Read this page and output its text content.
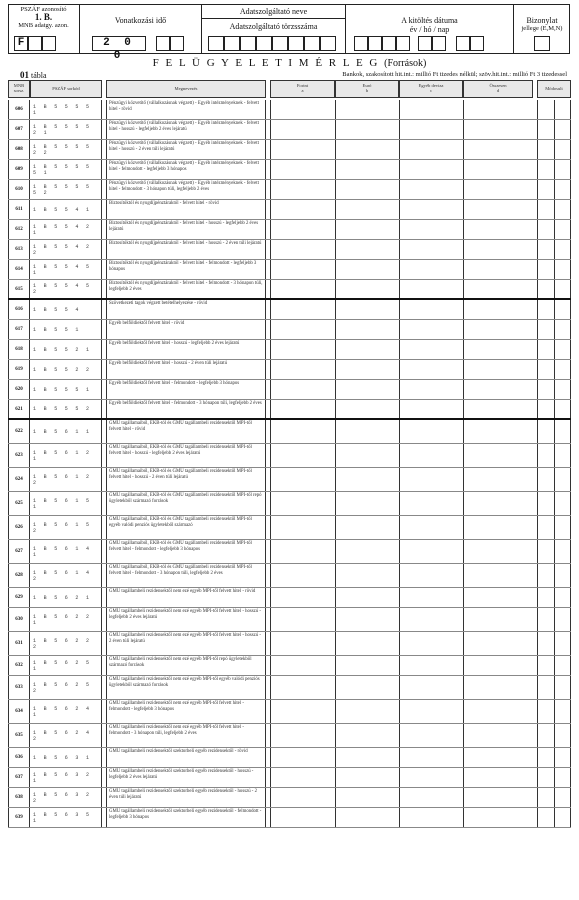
PSZÁF azonosító
1. B.
MNB adatgy. azon.
F
Vonatkozási idő
2 0 0
Adatszolgáltató neve
Adatszolgáltató törzsszáma
A kitöltés dátuma
év / hó / nap
Bizonylat
jellege (E,M,N)
F E L Ü G Y E L E T I M É R L E G (Források)
01 tábla	Bankok, szakosított hit.int.: millió Ft tizedes nélkül; szöv.hit.int.: millió Ft 3 tizedessel
MNB sorsz.	PSZÁF sorkód	Megnevezés
Forint
a
Euró
b
Egyéb deviza
c
Összesen
d	Módosult
606	1 B 5 5 5 5 1
Pénzügyi közvetítő (vállalkozásnak végzett) - Egyéb intézményeknek - felvett hitel - rövid
607	1 B 5 5 5 5 2 1
Pénzügyi közvetítő (vállalkozásnak végzett) - Egyéb intézményeknek - felvett hitel - hosszú - legfeljebb 2 éves lejáratú
608	1 B 5 5 5 5 2 2
Pénzügyi közvetítő (vállalkozásnak végzett) - Egyéb intézményeknek - felvett hitel - hosszú - 2 éven túli lejáratú
609	1 B 5 5 5 5 5 1
Pénzügyi közvetítő (vállalkozásnak végzett) - Egyéb intézményeknek - felvett hitel - felmondott - legfeljebb 3 hónapos
610	1 B 5 5 5 5 5 2
Pénzügyi közvetítő (vállalkozásnak végzett) - Egyéb intézményeknek - felvett hitel - felmondott - 3 hónapon túli, legfeljebb 2 éves
611	1 B 5 5 4 1
Biztosítóktól és nyugdíjpénztáraktól - felvett hitel - rövid
612	1 B 5 5 4 2 1
Biztosítóktól és nyugdíjpénztáraktól - felvett hitel - hosszú - legfeljebb 2 éves lejáratú
613	1 B 5 5 4 2 2
Biztosítóktól és nyugdíjpénztáraktól - felvett hitel - hosszú - 2 éven túli lejáratú
614	1 B 5 5 4 5 1
Biztosítóktól és nyugdíjpénztáraktól - felvett hitel - felmondott - legfeljebb 3 hónapos
615	1 B 5 5 4 5 2
Biztosítóktól és nyugdíjpénztáraktól - felvett hitel - felmondott - 3 hónapon túli, legfeljebb 2 éves
616	1 B 5 5 4
Szövetkezeti tagok végzett betételhelyezése - rövid
617	1 B 5 5 1
Egyéb belföldiektől felvett hitel - rövid
618	1 B 5 5 2 1
Egyéb belföldiektől felvett hitel - hosszú - legfeljebb 2 éves lejáratú
619	1 B 5 5 2 2
Egyéb belföldiektől felvett hitel - hosszú - 2 éven túli lejáratú
620	1 B 5 5 5 1
Egyéb belföldiektől felvett hitel - felmondott - legfeljebb 3 hónapos
621	1 B 5 5 5 2
Egyéb belföldiektől felvett hitel - felmondott - 3 hónapon túli, legfeljebb 2 éves
622	1 B 5 6 1 1
GMU tagállamaiból, EKB-tól és GMU tagállambeli rezidensektől MPI-től felvett hitel - rövid
623	1 B 5 6 1 2 1
GMU tagállamaiból, EKB-tól és GMU tagállambeli rezidensektől MPI-től felvett hitel - hosszú - legfeljebb 2 éves lejáratú
624	1 B 5 6 1 2 2
GMU tagállamaiból, EKB-tól és GMU tagállambeli rezidensektől MPI-től felvett hitel - hosszú - 2 éven túli lejáratú
625	1 B 5 6 1 5 1
GMU tagállamaiból, EKB-tól és GMU tagállambeli rezidensektől MPI-től repó ügyletekből származó források
626	1 B 5 6 1 5 2
GMU tagállamaiból, EKB-tól és GMU tagállambeli rezidensektől MPI-től egyéb valódi penziós ügyletekből származó
627	1 B 5 6 1 4 1
GMU tagállamaiból, EKB-tól és GMU tagállambeli rezidensektől MPI-től felvett hitel - felmondott - legfeljebb 3 hónapos
628	1 B 5 6 1 4 2
GMU tagállamaiból, EKB-tól és GMU tagállambeli rezidensektől MPI-től felvett hitel - felmondott - 3 hónapon túli, legfeljebb 2 éves
629	1 B 5 6 2 1
GMU tagállambeli rezidensektől nem ezé egyéb MPI-től felvett hitel - rövid
630	1 B 5 6 2 2 1
GMU tagállambeli rezidensektől nem ezé egyéb MPI-től felvett hitel - hosszú - legfeljebb 2 éves lejáratú
631	1 B 5 6 2 2 2
GMU tagállambeli rezidensektől nem ezé egyéb MPI-től felvett hitel - hosszú - 2 éven túli lejáratú
632	1 B 5 6 2 5 1
GMU tagállambeli rezidensektől nem ezé egyéb MPI-től repó ügyletekből származó források
633	1 B 5 6 2 5 2
GMU tagállambeli rezidensektől nem ezé egyéb MPI-től egyéb valódi penziós ügyletekből származó források
634	1 B 5 6 2 4 1
GMU tagállambeli rezidensektől nem ezé egyéb MPI-től felvett hitel - felmondott - legfeljebb 3 hónapos
635	1 B 5 6 2 4 2
GMU tagállambeli rezidensektől nem ezé egyéb MPI-től felvett hitel - felmondott - 3 hónapon túli, legfeljebb 2 éves
636	1 B 5 6 3 1
GMU tagállambeli rezidensektől szektorbeli egyéb rezidensektől - rövid
637	1 B 5 6 3 2 1
GMU tagállambeli rezidensektől szektorbeli egyéb rezidensektől - hosszú - legfeljebb 2 éves lejáratú
638	1 B 5 6 3 2 2
GMU tagállambeli rezidensektől szektorbeli egyéb rezidensektől - hosszú - 2 éven túli lejáratú
639	1 B 5 6 3 5 1
GMU tagállambeli rezidensektől szektorbeli egyéb rezidensektől - felmondott - legfeljebb 3 hónapos
